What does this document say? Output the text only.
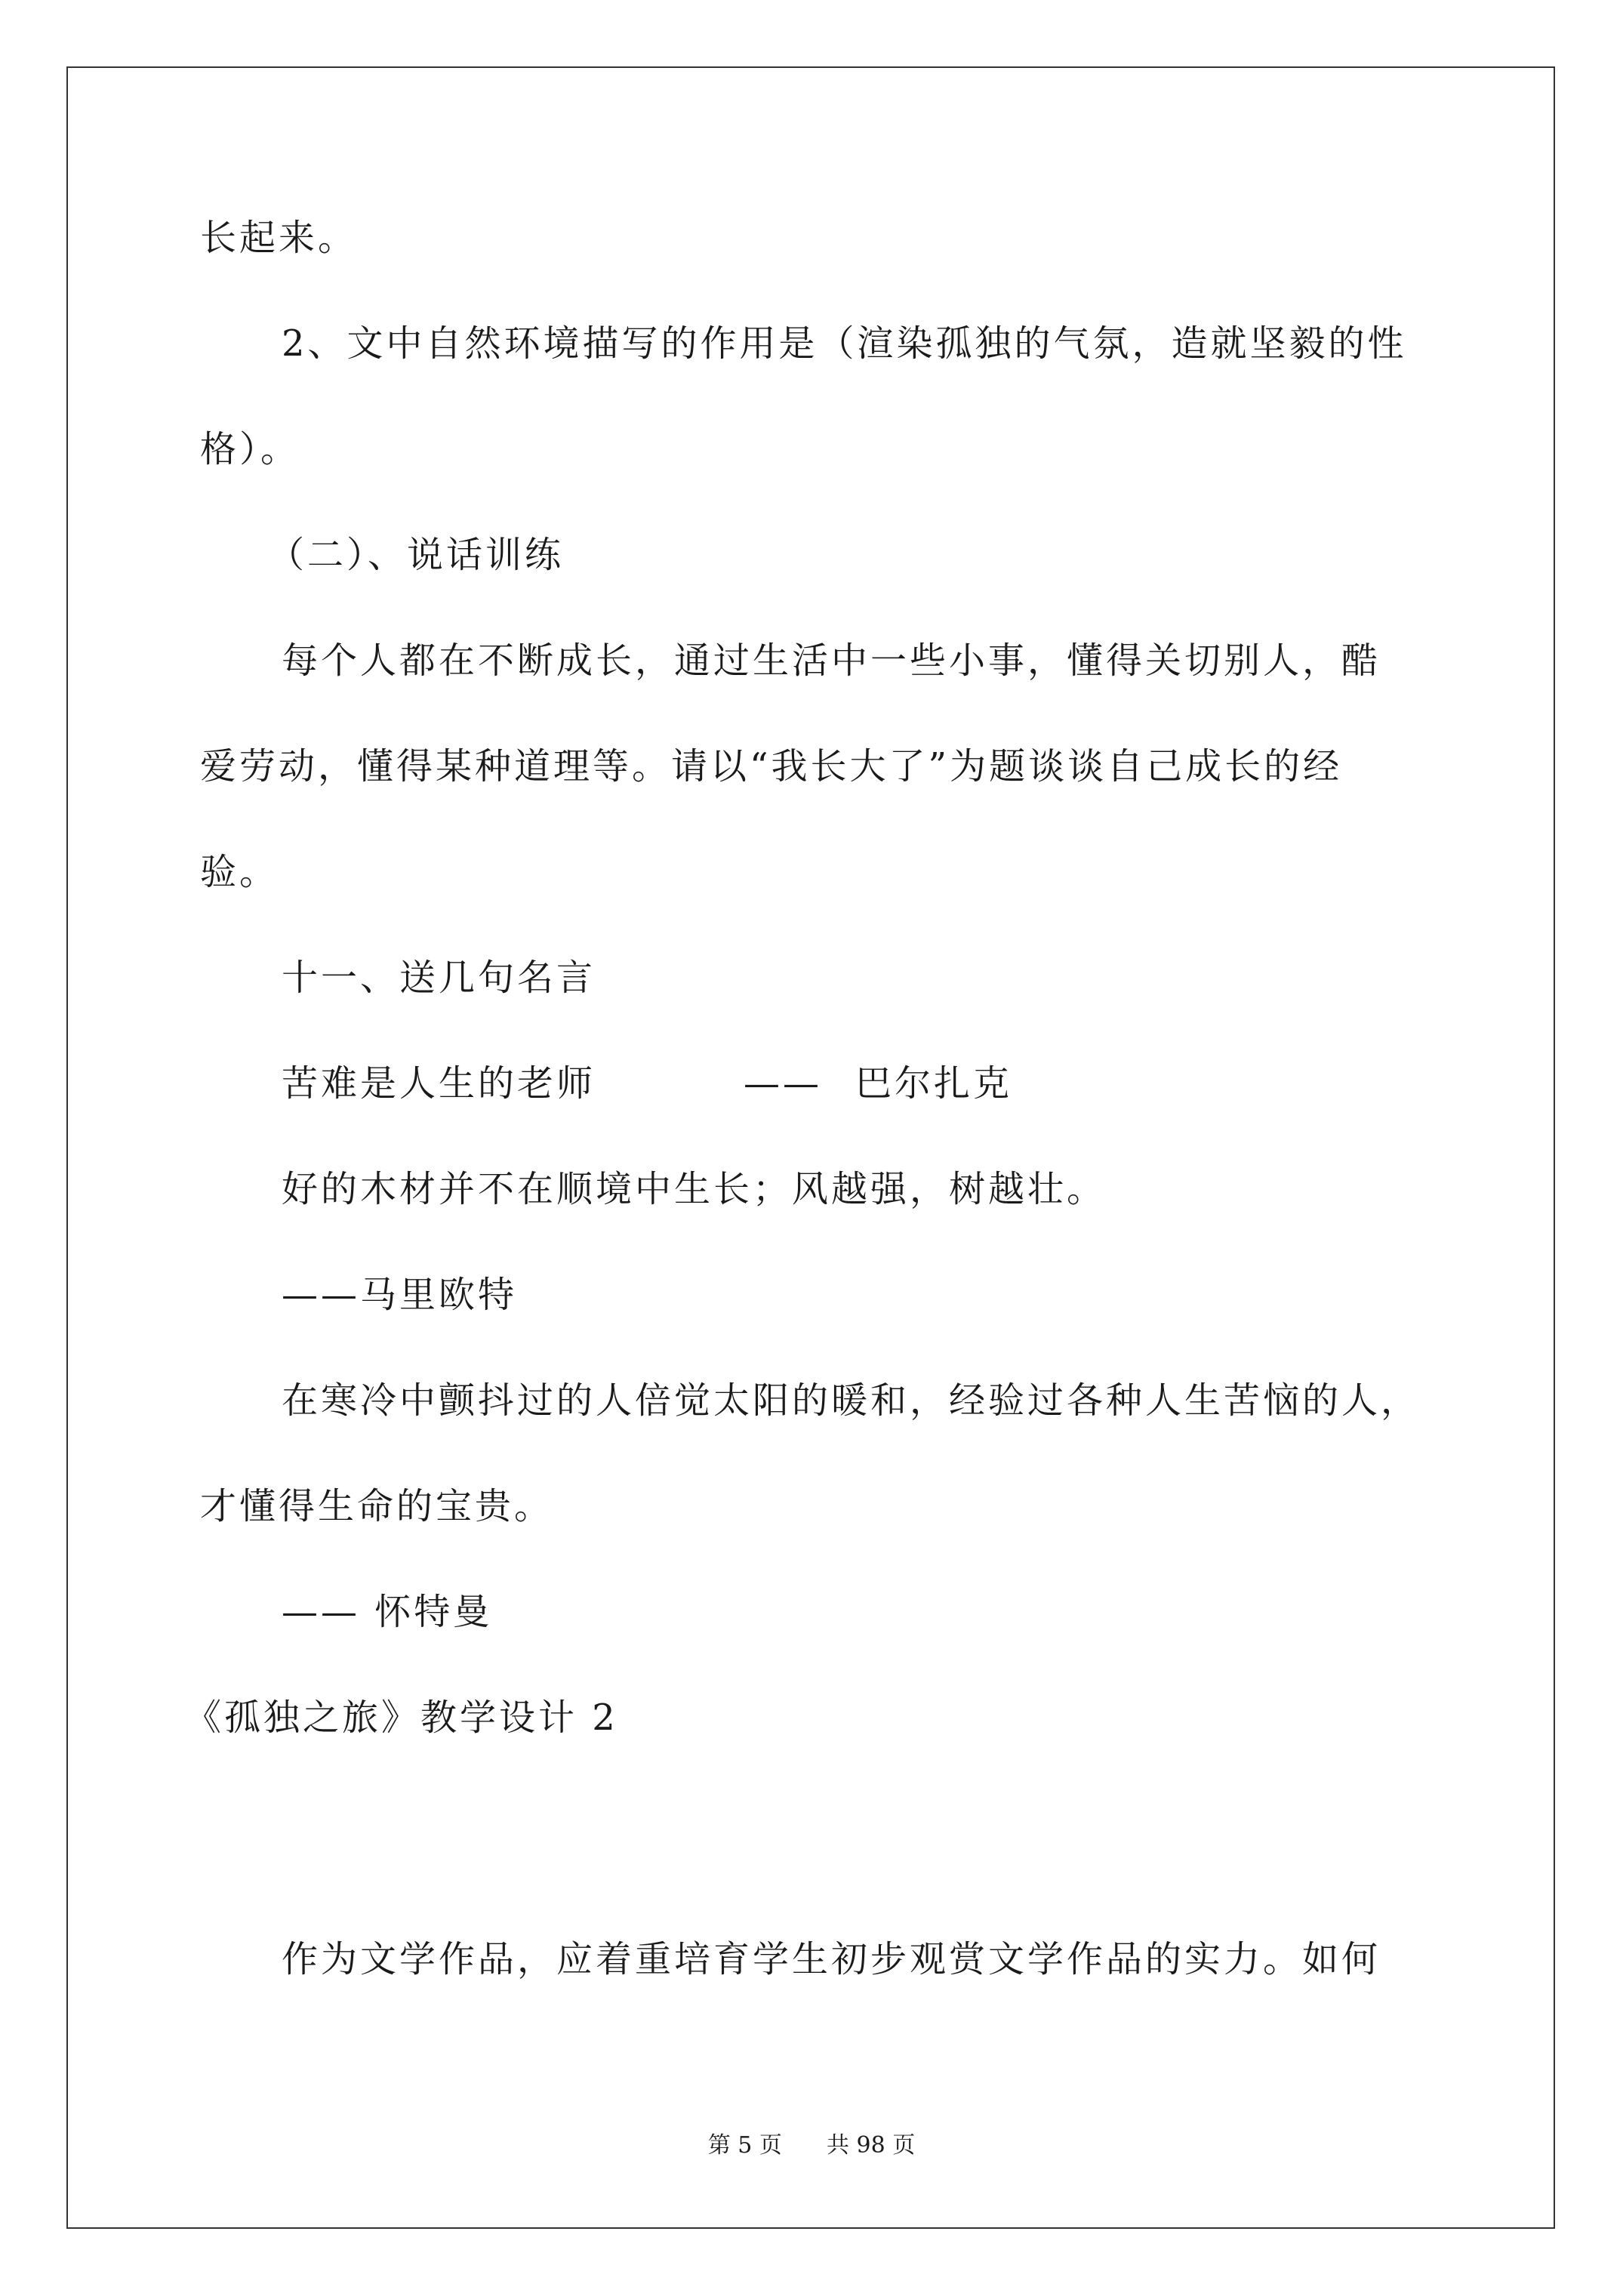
长起来。
2、文中自然环境描写的作用是（渲染孤独的气氛，造就坚毅的性
格）。
（二）、说话训练
每个人都在不断成长，通过生活中一些小事，懂得关切别人，酷
爱劳动，懂得某种道理等。请以“我长大了”为题谈谈自己成长的经
验。
十一、送几句名言
苦难是人生的老师	—— 巴尔扎克
好的木材并不在顺境中生长；风越强，树越壮。
——马里欧特
在寒冷中颤抖过的人倍觉太阳的暖和，经验过各种人生苦恼的人，
才懂得生命的宝贵。
—— 怀特曼
《孤独之旅》教学设计 2
作为文学作品，应着重培育学生初步观赏文学作品的实力。如何
第 5 页 共 98 页
